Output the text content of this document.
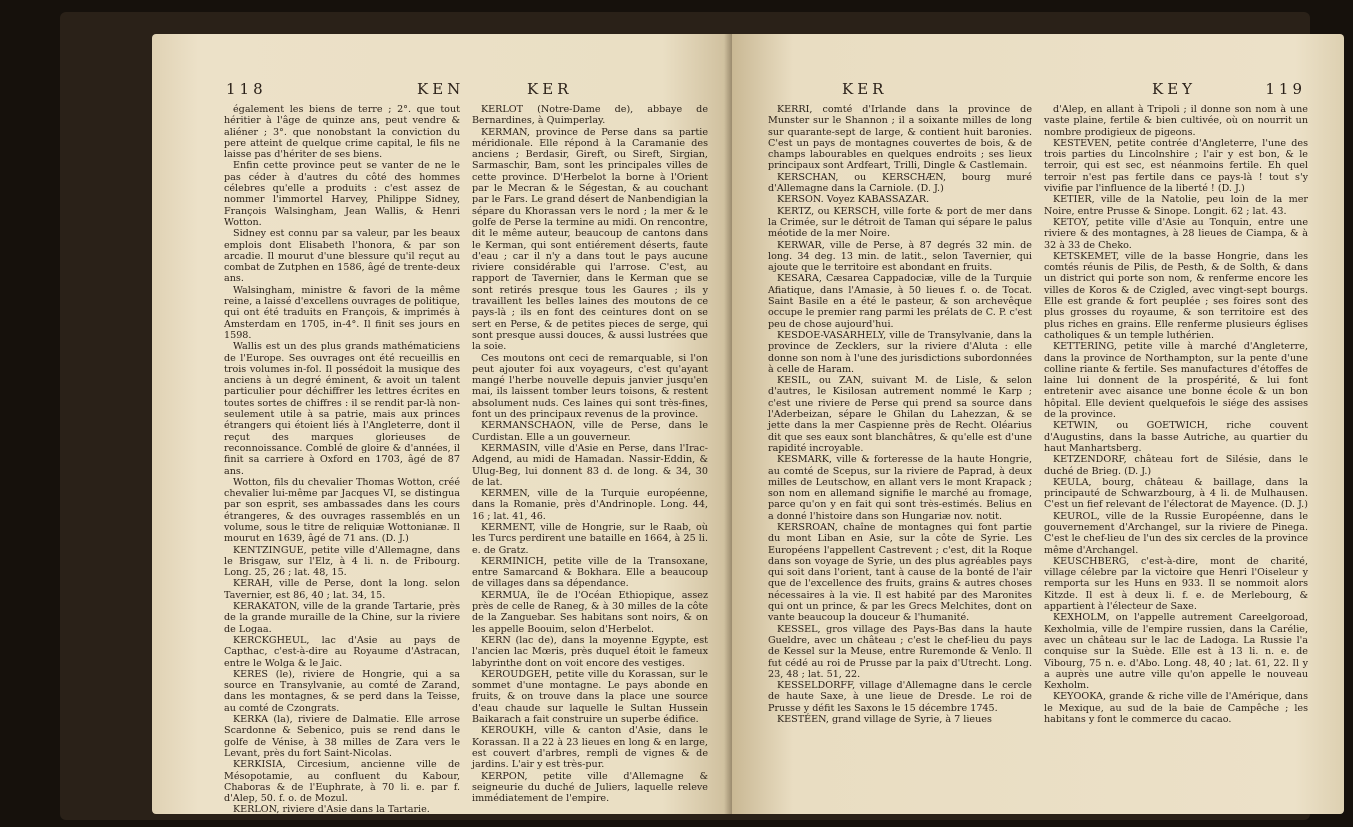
118	KEN	KER

également les biens de terre ; 2°. que tout héritier à l'âge de quinze ans, peut vendre & aliéner ; 3°. que nonobstant la conviction du pere atteint de quelque crime capital, le fils ne laisse pas d'hériter de ses biens.

Enfin cette province peut se vanter de ne le pas céder à d'autres du côté des hommes célebres qu'elle a produits : c'est assez de nommer l'immortel Harvey, Philippe Sidney, François Walsingham, Jean Wallis, & Henri Wotton.

Sidney est connu par sa valeur, par les beaux emplois dont Elisabeth l'honora, & par son arcadie. Il mourut d'une blessure qu'il reçut au combat de Zutphen en 1586, âgé de trente-deux ans.

Walsingham, ministre & favori de la même reine, a laissé d'excellens ouvrages de politique, qui ont été traduits en François, & imprimés à Amsterdam en 1705, in-4°. Il finit ses jours en 1598.

Wallis est un des plus grands mathématiciens de l'Europe. Ses ouvrages ont été recueillis en trois volumes in-fol. Il possédoit la musique des anciens à un degré éminent, & avoit un talent particulier pour déchiffrer les lettres écrites en toutes sortes de chiffres : il se rendit par-là non-seulement utile à sa patrie, mais aux princes étrangers qui étoient liés à l'Angleterre, dont il reçut des marques glorieuses de reconnoissance. Comblé de gloire & d'années, il finit sa carriere à Oxford en 1703, âgé de 87 ans.

Wotton, fils du chevalier Thomas Wotton, créé chevalier lui-même par Jacques VI, se distingua par son esprit, ses ambassades dans les cours étrangeres, & des ouvrages rassemblés en un volume, sous le titre de reliquiæ Wottonianæ. Il mourut en 1639, âgé de 71 ans. (D. J.)

KENTZINGUE, petite ville d'Allemagne, dans le Brisgaw, sur l'Elz, à 4 li. n. de Fribourg. Long. 25, 26 ; lat. 48, 15.

KERAH, ville de Perse, dont la long. selon Tavernier, est 86, 40 ; lat. 34, 15.

KERAKATON, ville de la grande Tartarie, près de la grande muraille de la Chine, sur la riviere de Logaa.

KERCKGHEUL, lac d'Asie au pays de Capthac, c'est-à-dire au Royaume d'Astracan, entre le Wolga & le Jaic.

KERES (le), riviere de Hongrie, qui a sa source en Transylvanie, au comté de Zarand, dans les montagnes, & se perd dans la Teisse, au comté de Czongrats.

KERKA (la), riviere de Dalmatie. Elle arrose Scardonne & Sebenico, puis se rend dans le golfe de Vénise, à 38 milles de Zara vers le Levant, près du fort Saint-Nicolas.

KERKISIA, Circesium, ancienne ville de Mésopotamie, au confluent du Kabour, Chaboras & de l'Euphrate, à 70 li. e. par f. d'Alep, 50. f. o. de Mozul.

KERLON, riviere d'Asie dans la Tartarie.

KERLOT (Notre-Dame de), abbaye de Bernardines, à Quimperlay.

KERMAN, province de Perse dans sa partie méridionale. Elle répond à la Caramanie des anciens ; Berdasir, Gireft, ou Sireft, Sirgian, Sarmaschir, Bam, sont les principales villes de cette province. D'Herbelot la borne à l'Orient par le Mecran & le Ségestan, & au couchant par le Fars. Le grand désert de Nanbendigian la sépare du Khorassan vers le nord ; la mer & le golfe de Perse la termine au midi. On rencontre, dit le même auteur, beaucoup de cantons dans le Kerman, qui sont entiérement déserts, faute d'eau ; car il n'y a dans tout le pays aucune riviere considérable qui l'arrose. C'est, au rapport de Tavernier, dans le Kerman que se sont retirés presque tous les Gaures ; ils y travaillent les belles laines des moutons de ce pays-là ; ils en font des ceintures dont on se sert en Perse, & de petites pieces de serge, qui sont presque aussi douces, & aussi lustrées que la soie.

Ces moutons ont ceci de remarquable, si l'on peut ajouter foi aux voyageurs, c'est qu'ayant mangé l'herbe nouvelle depuis janvier jusqu'en mai, ils laissent tomber leurs toisons, & restent absolument nuds. Ces laines qui sont très-fines, font un des principaux revenus de la province.

KERMANSCHAON, ville de Perse, dans le Curdistan. Elle a un gouverneur.

KERMASIN, ville d'Asie en Perse, dans l'Irac-Adgend, au midi de Hamadan. Nassir-Eddin, & Ulug-Beg, lui donnent 83 d. de long. & 34, 30 de lat.

KERMEN, ville de la Turquie européenne, dans la Romanie, près d'Andrinople. Long. 44, 16 ; lat. 41, 46.

KERMENT, ville de Hongrie, sur le Raab, où les Turcs perdirent une bataille en 1664, à 25 li. e. de Gratz.

KERMINICH, petite ville de la Transoxane, entre Samarcand & Bokhara. Elle a beaucoup de villages dans sa dépendance.

KERMUA, île de l'Océan Ethiopique, assez près de celle de Raneg, & à 30 milles de la côte de la Zanguebar. Ses habitans sont noirs, & on les appelle Boouim, selon d'Herbelot.

KERN (lac de), dans la moyenne Egypte, est l'ancien lac Mœris, près duquel étoit le fameux labyrinthe dont on voit encore des vestiges.

KEROUDGEH, petite ville du Korassan, sur le sommet d'une montagne. Le pays abonde en fruits, & on trouve dans la place une source d'eau chaude sur laquelle le Sultan Hussein Baikarach a fait construire un superbe édifice.

KEROUKH, ville & canton d'Asie, dans le Korassan. Il a 22 à 23 lieues en long & en large, est couvert d'arbres, rempli de vignes & de jardins. L'air y est très-pur.

KERPON, petite ville d'Allemagne & seigneurie du duché de Juliers, laquelle releve immédiatement de l'empire.

KER	KEY	119

KERRI, comté d'Irlande dans la province de Munster sur le Shannon ; il a soixante milles de long sur quarante-sept de large, & contient huit baronies. C'est un pays de montagnes couvertes de bois, & de champs labourables en quelques endroits ; ses lieux principaux sont Ardfeart, Trilli, Dingle & Castlemain.

KERSCHAN, ou KERSCHÆN, bourg muré d'Allemagne dans la Carniole. (D. J.)

KERSON. Voyez KABASSAZAR.

KERTZ, ou KERSCH, ville forte & port de mer dans la Crimée, sur le détroit de Taman qui sépare le palus méotide de la mer Noire.

KERWAR, ville de Perse, à 87 degrés 32 min. de long. 34 deg. 13 min. de latit., selon Tavernier, qui ajoute que le territoire est abondant en fruits.

KESARA, Cæsarea Cappadociæ, ville de la Turquie Afiatique, dans l'Amasie, à 50 lieues f. o. de Tocat. Saint Basile en a été le pasteur, & son archevêque occupe le premier rang parmi les prélats de C. P. c'est peu de chose aujourd'hui.

KESDOE-VASARHELY, ville de Transylvanie, dans la province de Zecklers, sur la riviere d'Aluta : elle donne son nom à l'une des jurisdictions subordonnées à celle de Haram.

KESIL, ou ZAN, suivant M. de Lisle, & selon d'autres, le Kisilosan autrement nommé le Karp ; c'est une riviere de Perse qui prend sa source dans l'Aderbeizan, sépare le Ghilan du Lahezzan, & se jette dans la mer Caspienne près de Recht. Oléarius dit que ses eaux sont blanchâtres, & qu'elle est d'une rapidité incroyable.

KESMARK, ville & forteresse de la haute Hongrie, au comté de Scepus, sur la riviere de Paprad, à deux milles de Leutschow, en allant vers le mont Krapack ; son nom en allemand signifie le marché au fromage, parce qu'on y en fait qui sont très-estimés. Belius en a donné l'histoire dans son Hungariæ nov. notit.

KERSROAN, chaîne de montagnes qui font partie du mont Liban en Asie, sur la côte de Syrie. Les Européens l'appellent Castrevent ; c'est, dit la Roque dans son voyage de Syrie, un des plus agréables pays qui soit dans l'orient, tant à cause de la bonté de l'air que de l'excellence des fruits, grains & autres choses nécessaires à la vie. Il est habité par des Maronites qui ont un prince, & par les Grecs Melchites, dont on vante beaucoup la douceur & l'humanité.

KESSEL, gros village des Pays-Bas dans la haute Gueldre, avec un château ; c'est le chef-lieu du pays de Kessel sur la Meuse, entre Ruremonde & Venlo. Il fut cédé au roi de Prusse par la paix d'Utrecht. Long. 23, 48 ; lat. 51, 22.

KESSELDORFF, village d'Allemagne dans le cercle de haute Saxe, à une lieue de Dresde. Le roi de Prusse y défit les Saxons le 15 décembre 1745.

KESTÉEN, grand village de Syrie, à 7 lieues

d'Alep, en allant à Tripoli ; il donne son nom à une vaste plaine, fertile & bien cultivée, où on nourrit un nombre prodigieux de pigeons.

KESTEVEN, petite contrée d'Angleterre, l'une des trois parties du Lincolnshire ; l'air y est bon, & le terroir, qui est sec, est néanmoins fertile. Eh quel terroir n'est pas fertile dans ce pays-là ! tout s'y vivifie par l'influence de la liberté ! (D. J.)

KETIER, ville de la Natolie, peu loin de la mer Noire, entre Prusse & Sinope. Longit. 62 ; lat. 43.

KETOY, petite ville d'Asie au Tonquin, entre une riviere & des montagnes, à 28 lieues de Ciampa, & à 32 à 33 de Cheko.

KETSKEMET, ville de la basse Hongrie, dans les comtés réunis de Pilis, de Pesth, & de Solth, & dans un district qui porte son nom, & renferme encore les villes de Koros & de Czigled, avec vingt-sept bourgs. Elle est grande & fort peuplée ; ses foires sont des plus grosses du royaume, & son territoire est des plus riches en grains. Elle renferme plusieurs églises catholiques & un temple luthérien.

KETTERING, petite ville à marché d'Angleterre, dans la province de Northampton, sur la pente d'une colline riante & fertile. Ses manufactures d'étoffes de laine lui donnent de la prospérité, & lui font entretenir avec aisance une bonne école & un bon hôpital. Elle devient quelquefois le siége des assises de la province.

KETWIN, ou GOETWICH, riche couvent d'Augustins, dans la basse Autriche, au quartier du haut Manhartsberg.

KETZENDORF, château fort de Silésie, dans le duché de Brieg. (D. J.)

KEULA, bourg, château & baillage, dans la principauté de Schwarzbourg, à 4 li. de Mulhausen. C'est un fief relevant de l'électorat de Mayence. (D. J.)

KEUROL, ville de la Russie Européenne, dans le gouvernement d'Archangel, sur la riviere de Pinega. C'est le chef-lieu de l'un des six cercles de la province même d'Archangel.

KEUSCHBERG, c'est-à-dire, mont de charité, village célebre par la victoire que Henri l'Oiseleur y remporta sur les Huns en 933. Il se nommoit alors Kitzde. Il est à deux li. f. e. de Merlebourg, & appartient à l'électeur de Saxe.

KEXHOLM, on l'appelle autrement Careelgoroad, Kexholmia, ville de l'empire russien, dans la Carélie, avec un château sur le lac de Ladoga. La Russie l'a conquise sur la Suède. Elle est à 13 li. n. e. de Vibourg, 75 n. e. d'Abo. Long. 48, 40 ; lat. 61, 22. Il y a auprès une autre ville qu'on appelle le nouveau Kexholm.

KEYOOKA, grande & riche ville de l'Amérique, dans le Mexique, au sud de la baie de Campêche ; les habitans y font le commerce du cacao.
